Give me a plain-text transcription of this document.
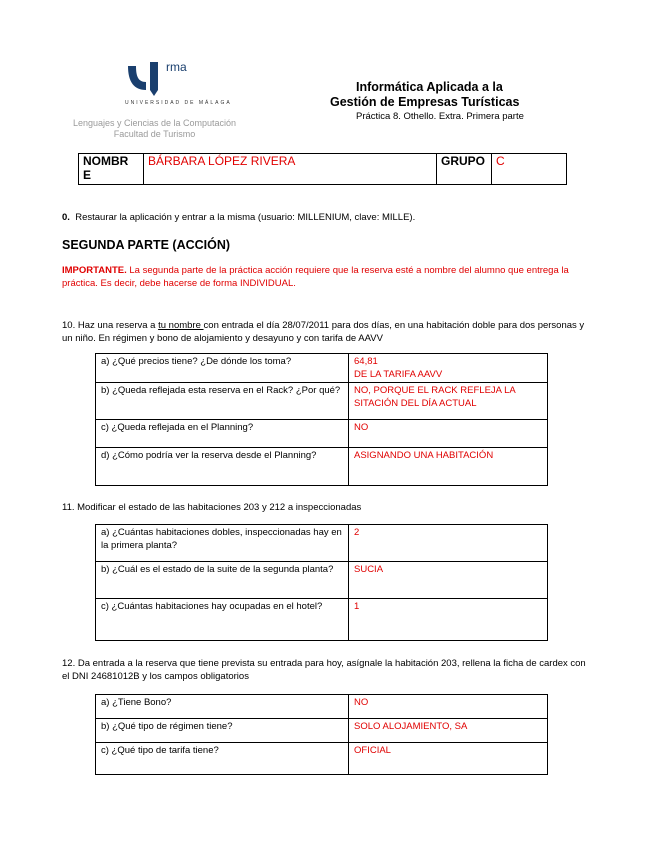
rma
UNIVERSIDAD DE MÁLAGA
Lenguajes y Ciencias de la Computación
Facultad de Turismo
Informática Aplicada a la
Gestión de Empresas Turísticas
Práctica 8. Othello. Extra. Primera parte
NOMBR
E
	BÁRBARA LÓPEZ RIVERA	GRUPO	C
0. Restaurar la aplicación y entrar a la misma (usuario: MILLENIUM, clave: MILLE).
SEGUNDA PARTE (ACCIÓN)
IMPORTANTE. La segunda parte de la práctica acción requiere que la reserva esté a nombre del alumno que entrega la práctica. Es decir, debe hacerse de forma INDIVIDUAL.
10. Haz una reserva a tu nombre con entrada el día 28/07/2011 para dos días, en una habitación doble para dos personas y un niño. En régimen y bono de alojamiento y desayuno y con tarifa de AAVV
a) ¿Qué precios tiene? ¿De dónde los toma?	64,81
DE LA TARIFA AAVV

b) ¿Queda reflejada esta reserva en el Rack? ¿Por qué?	NO, PORQUE EL RACK REFLEJA LA SITACIÓN DEL DÍA ACTUAL
c) ¿Queda reflejada en el Planning?	NO
d) ¿Cómo podría ver la reserva desde el Planning?	ASIGNANDO UNA HABITACIÓN
11. Modificar el estado de las habitaciones 203 y 212 a inspeccionadas
a) ¿Cuántas habitaciones dobles, inspeccionadas hay en la primera planta?	2
b) ¿Cuál es el estado de la suite de la segunda planta?	SUCIA
c) ¿Cuántas habitaciones hay ocupadas en el hotel?	1
12. Da entrada a la reserva que tiene prevista su entrada para hoy, asígnale la habitación 203, rellena la ficha de cardex con el DNI 24681012B y los campos obligatorios
a) ¿Tiene Bono?	NO
b) ¿Qué tipo de régimen tiene?	SOLO ALOJAMIENTO, SA
c) ¿Qué tipo de tarifa tiene?	OFICIAL
